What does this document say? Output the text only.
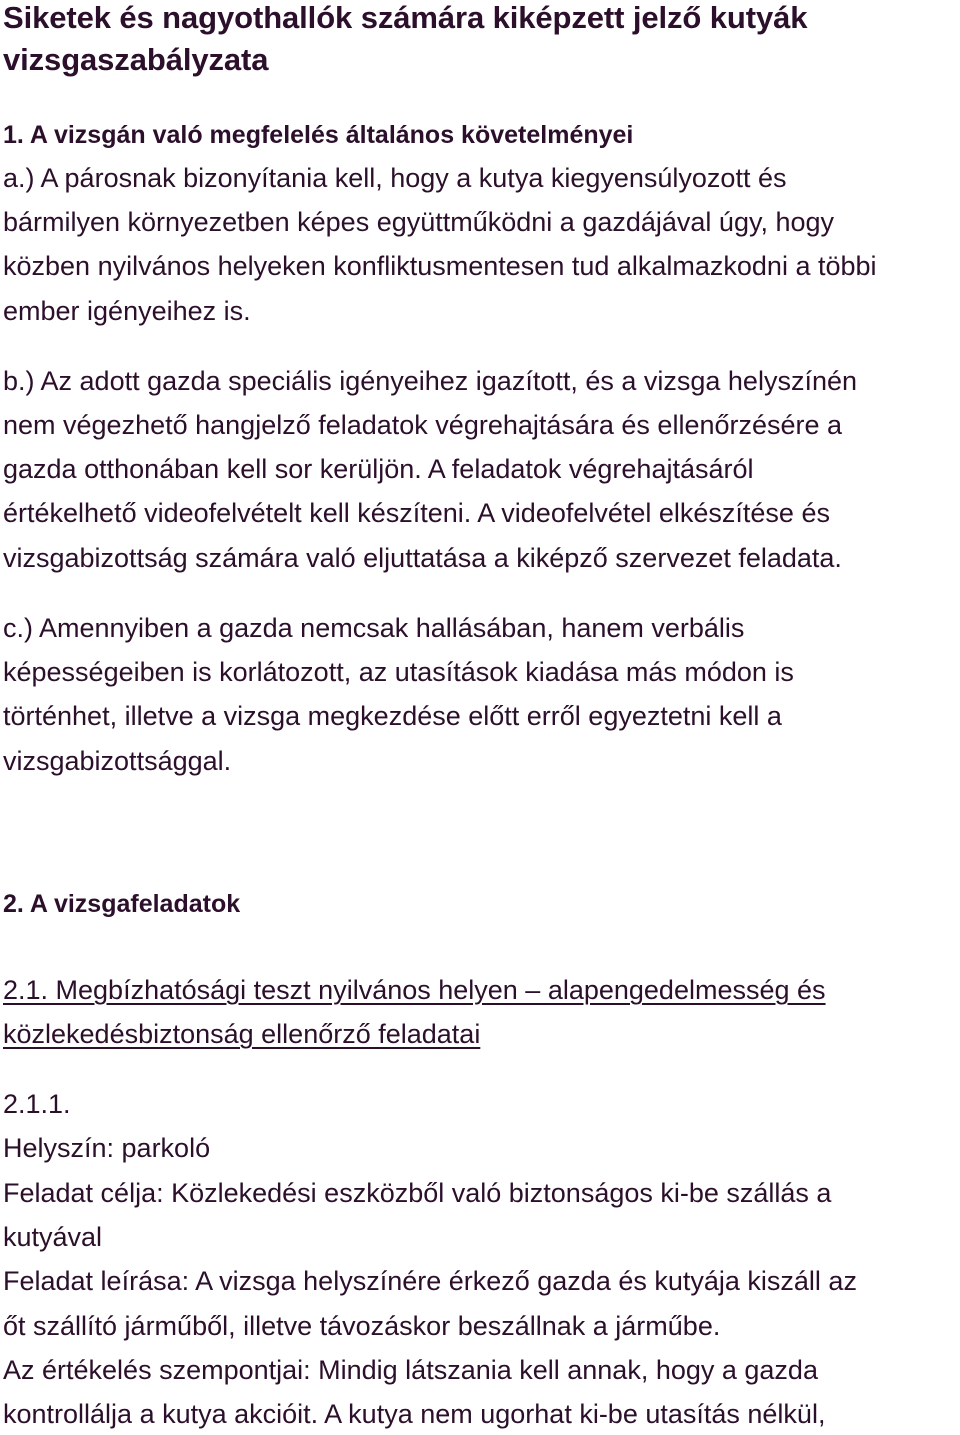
Siketek és nagyothallók számára kiképzett jelző kutyák
vizsgaszabályzata
1. A vizsgán való megfelelés általános követelményei
a.) A párosnak bizonyítania kell, hogy a kutya kiegyensúlyozott és
bármilyen környezetben képes együttműködni a gazdájával úgy, hogy
közben nyilvános helyeken konfliktusmentesen tud alkalmazkodni a többi
ember igényeihez is.
b.) Az adott gazda speciális igényeihez igazított, és a vizsga helyszínén
nem végezhető hangjelző feladatok végrehajtására és ellenőrzésére a
gazda otthonában kell sor kerüljön. A feladatok végrehajtásáról
értékelhető videofelvételt kell készíteni. A videofelvétel elkészítése és
vizsgabizottság számára való eljuttatása a kiképző szervezet feladata.
c.) Amennyiben a gazda nemcsak hallásában, hanem verbális
képességeiben is korlátozott, az utasítások kiadása más módon is
történhet, illetve a vizsga megkezdése előtt erről egyeztetni kell a
vizsgabizottsággal.
2. A vizsgafeladatok
2.1. Megbízhatósági teszt nyilvános helyen – alapengedelmesség és
közlekedésbiztonság ellenőrző feladatai
2.1.1.
Helyszín: parkoló
Feladat célja: Közlekedési eszközből való biztonságos ki-be szállás a
kutyával
Feladat leírása: A vizsga helyszínére érkező gazda és kutyája kiszáll az
őt szállító járműből, illetve távozáskor beszállnak a járműbe.
Az értékelés szempontjai: Mindig látszania kell annak, hogy a gazda
kontrollálja a kutya akcióit. A kutya nem ugorhat ki-be utasítás nélkül,
